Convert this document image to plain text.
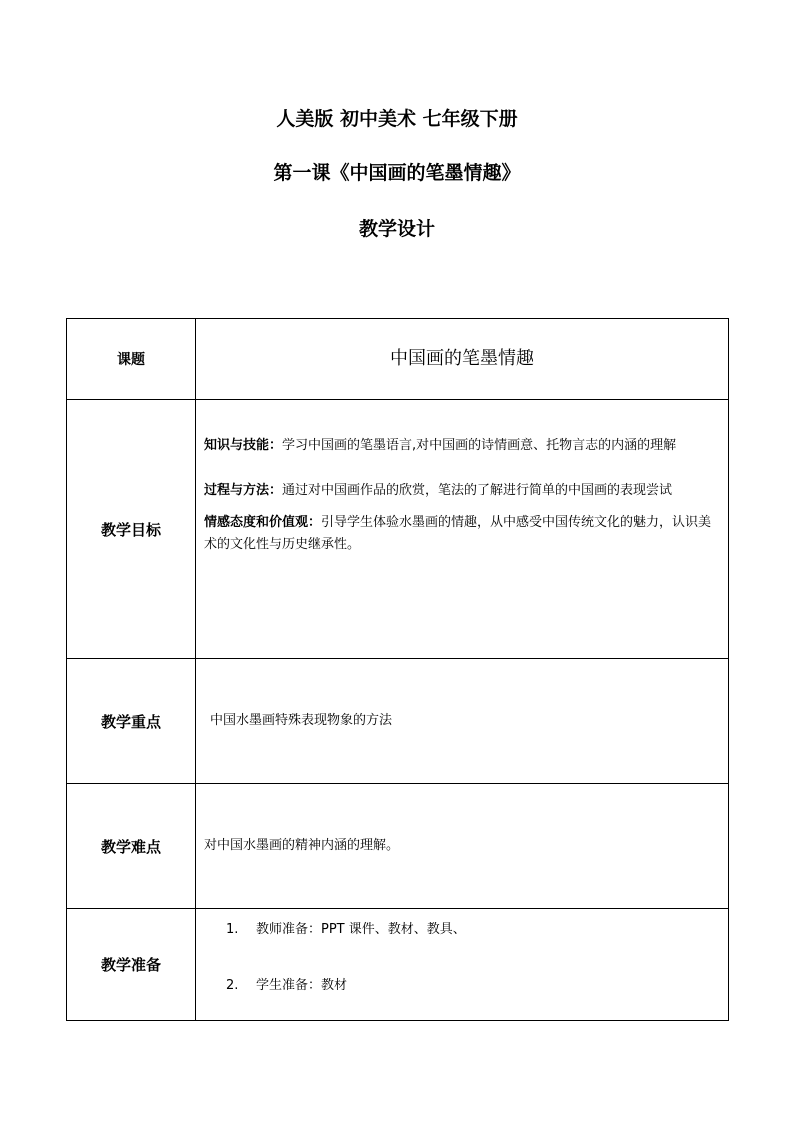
人美版 初中美术 七年级下册
第一课《中国画的笔墨情趣》
教学设计
课题	中国画的笔墨情趣

教学目标	知识与技能：学习中国画的笔墨语言,对中国画的诗情画意、托物言志的内涵的理解
过程与方法：通过对中国画作品的欣赏，笔法的了解进行简单的中国画的表现尝试
情感态度和价值观：引导学生体验水墨画的情趣，从中感受中国传统文化的魅力，认识美术的文化性与历史继承性。

教学重点	中国水墨画特殊表现物象的方法

教学难点	对中国水墨画的精神内涵的理解。

教学准备	1. 教师准备：PPT 课件、教材、教具、
2. 学生准备：教材
